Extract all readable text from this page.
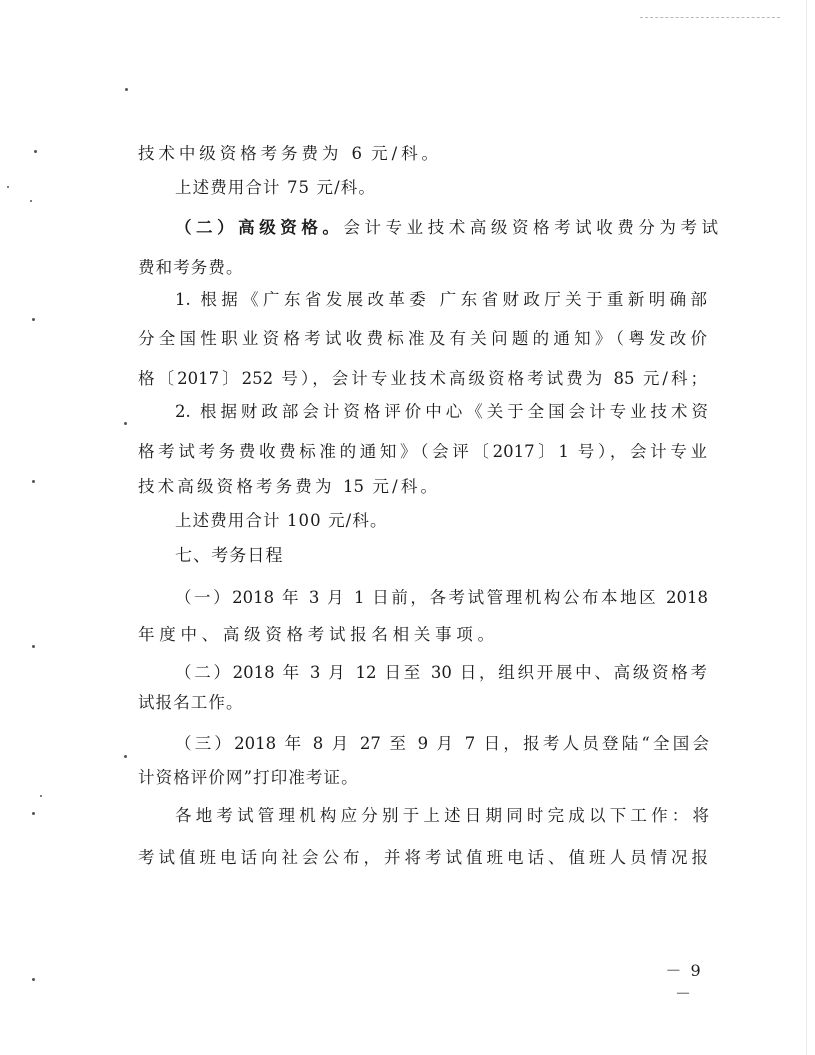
技术中级资格考务费为 6 元/科。
上述费用合计 75 元/科。
（二）高级资格。会计专业技术高级资格考试收费分为考试
费和考务费。
1. 根据《广东省发展改革委 广东省财政厅关于重新明确部
分全国性职业资格考试收费标准及有关问题的通知》（粤发改价
格〔2017〕252 号），会计专业技术高级资格考试费为 85 元/科；
2. 根据财政部会计资格评价中心《关于全国会计专业技术资
格考试考务费收费标准的通知》（会评〔2017〕1 号），会计专业
技术高级资格考务费为 15 元/科。
上述费用合计 100 元/科。
七、考务日程
（一）2018 年 3 月 1 日前，各考试管理机构公布本地区 2018
年度中、高级资格考试报名相关事项。
（二）2018 年 3 月 12 日至 30 日，组织开展中、高级资格考
试报名工作。
（三）2018 年 8 月 27 至 9 月 7 日，报考人员登陆“全国会
计资格评价网”打印准考证。
各地考试管理机构应分别于上述日期同时完成以下工作：将
考试值班电话向社会公布，并将考试值班电话、值班人员情况报
－ 9 －
